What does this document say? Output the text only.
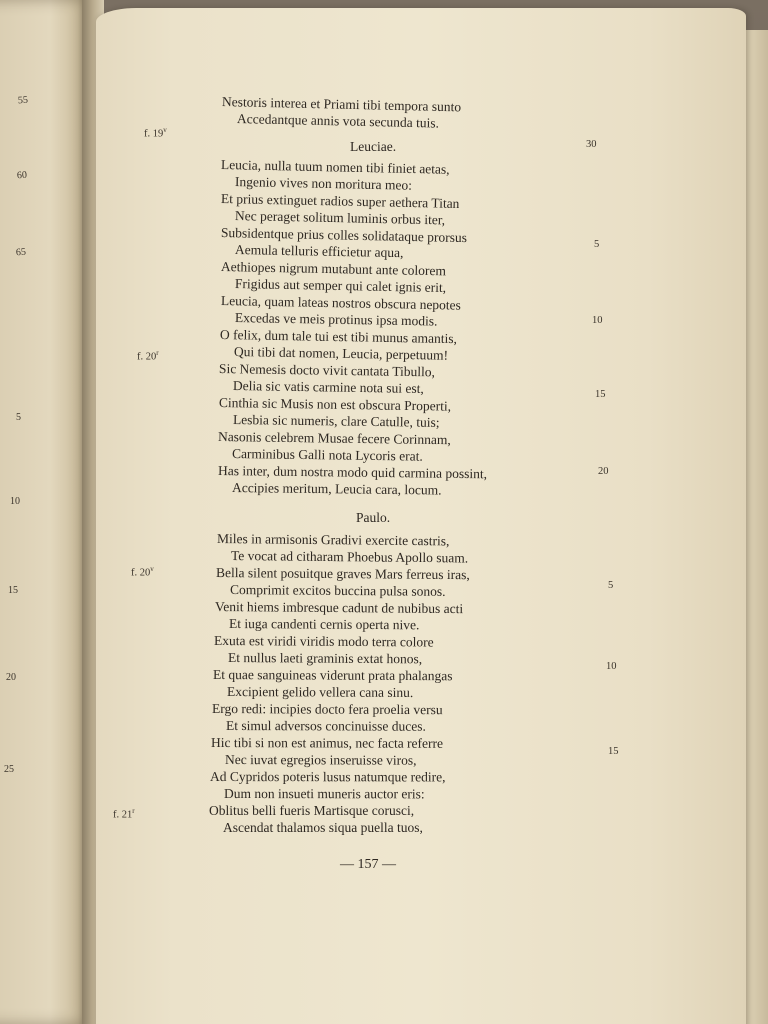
55
60
65
5
10
15
20
25
f. 19$^v$
f. 20$^r$
f. 20$^v$
f. 21$^r$
30
5
10
15
20
5
10
15
Nestoris interea et Priami tibi tempora sunto
Accedantque annis vota secunda tuis.
Leuciae.
Leucia, nulla tuum nomen tibi finiet aetas,
Ingenio vives non moritura meo:
Et prius extinguet radios super aethera Titan
Nec peraget solitum luminis orbus iter,
Subsidentque prius colles solidataque prorsus
Aemula telluris efficietur aqua,
Aethiopes nigrum mutabunt ante colorem
Frigidus aut semper qui calet ignis erit,
Leucia, quam lateas nostros obscura nepotes
Excedas ve meis protinus ipsa modis.
O felix, dum tale tui est tibi munus amantis,
Qui tibi dat nomen, Leucia, perpetuum!
Sic Nemesis docto vivit cantata Tibullo,
Delia sic vatis carmine nota sui est,
Cinthia sic Musis non est obscura Properti,
Lesbia sic numeris, clare Catulle, tuis;
Nasonis celebrem Musae fecere Corinnam,
Carminibus Galli nota Lycoris erat.
Has inter, dum nostra modo quid carmina possint,
Accipies meritum, Leucia cara, locum.
Paulo.
Miles in armisonis Gradivi exercite castris,
Te vocat ad citharam Phoebus Apollo suam.
Bella silent posuitque graves Mars ferreus iras,
Comprimit excitos buccina pulsa sonos.
Venit hiems imbresque cadunt de nubibus acti
Et iuga candenti cernis operta nive.
Exuta est viridi viridis modo terra colore
Et nullus laeti graminis extat honos,
Et quae sanguineas viderunt prata phalangas
Excipient gelido vellera cana sinu.
Ergo redi: incipies docto fera proelia versu
Et simul adversos concinuisse duces.
Hic tibi si non est animus, nec facta referre
Nec iuvat egregios inseruisse viros,
Ad Cypridos poteris lusus natumque redire,
Dum non insueti muneris auctor eris:
Oblitus belli fueris Martisque corusci,
Ascendat thalamos siqua puella tuos,
— 157 —
